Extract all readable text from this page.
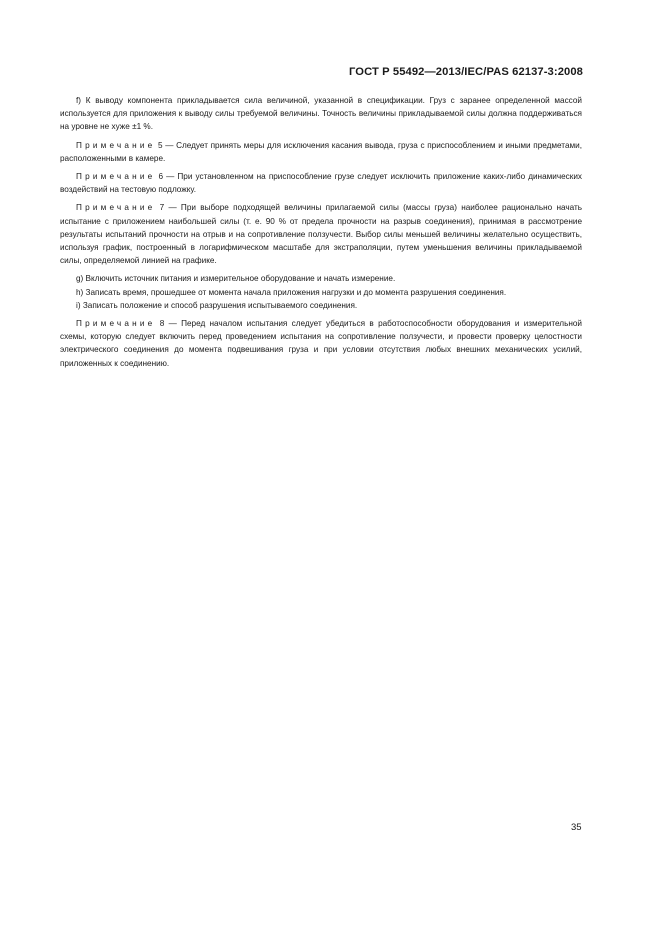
ГОСТ Р 55492—2013/IEC/PAS 62137-3:2008

f) К выводу компонента прикладывается сила величиной, указанной в спецификации. Груз с заранее определенной массой используется для приложения к выводу силы требуемой величины. Точность величины прикладываемой силы должна поддерживаться на уровне не хуже ±1 %.

Примечание 5 — Следует принять меры для исключения касания вывода, груза с приспособлением и иными предметами, расположенными в камере.

Примечание 6 — При установленном на приспособление грузе следует исключить приложение каких-либо динамических воздействий на тестовую подложку.

Примечание 7 — При выборе подходящей величины прилагаемой силы (массы груза) наиболее рационально начать испытание с приложением наибольшей силы (т. е. 90 % от предела прочности на разрыв соединения), принимая в рассмотрение результаты испытаний прочности на отрыв и на сопротивление ползучести. Выбор силы меньшей величины желательно осуществить, используя график, построенный в логарифмическом масштабе для экстраполяции, путем уменьшения величины прикладываемой силы, определяемой линией на графике.

g) Включить источник питания и измерительное оборудование и начать измерение.

h) Записать время, прошедшее от момента начала приложения нагрузки и до момента разрушения соединения.

i) Записать положение и способ разрушения испытываемого соединения.

Примечание 8 — Перед началом испытания следует убедиться в работоспособности оборудования и измерительной схемы, которую следует включить перед проведением испытания на сопротивление ползучести, и провести проверку целостности электрического соединения до момента подвешивания груза и при условии отсутствия любых внешних механических усилий, приложенных к соединению.

35
